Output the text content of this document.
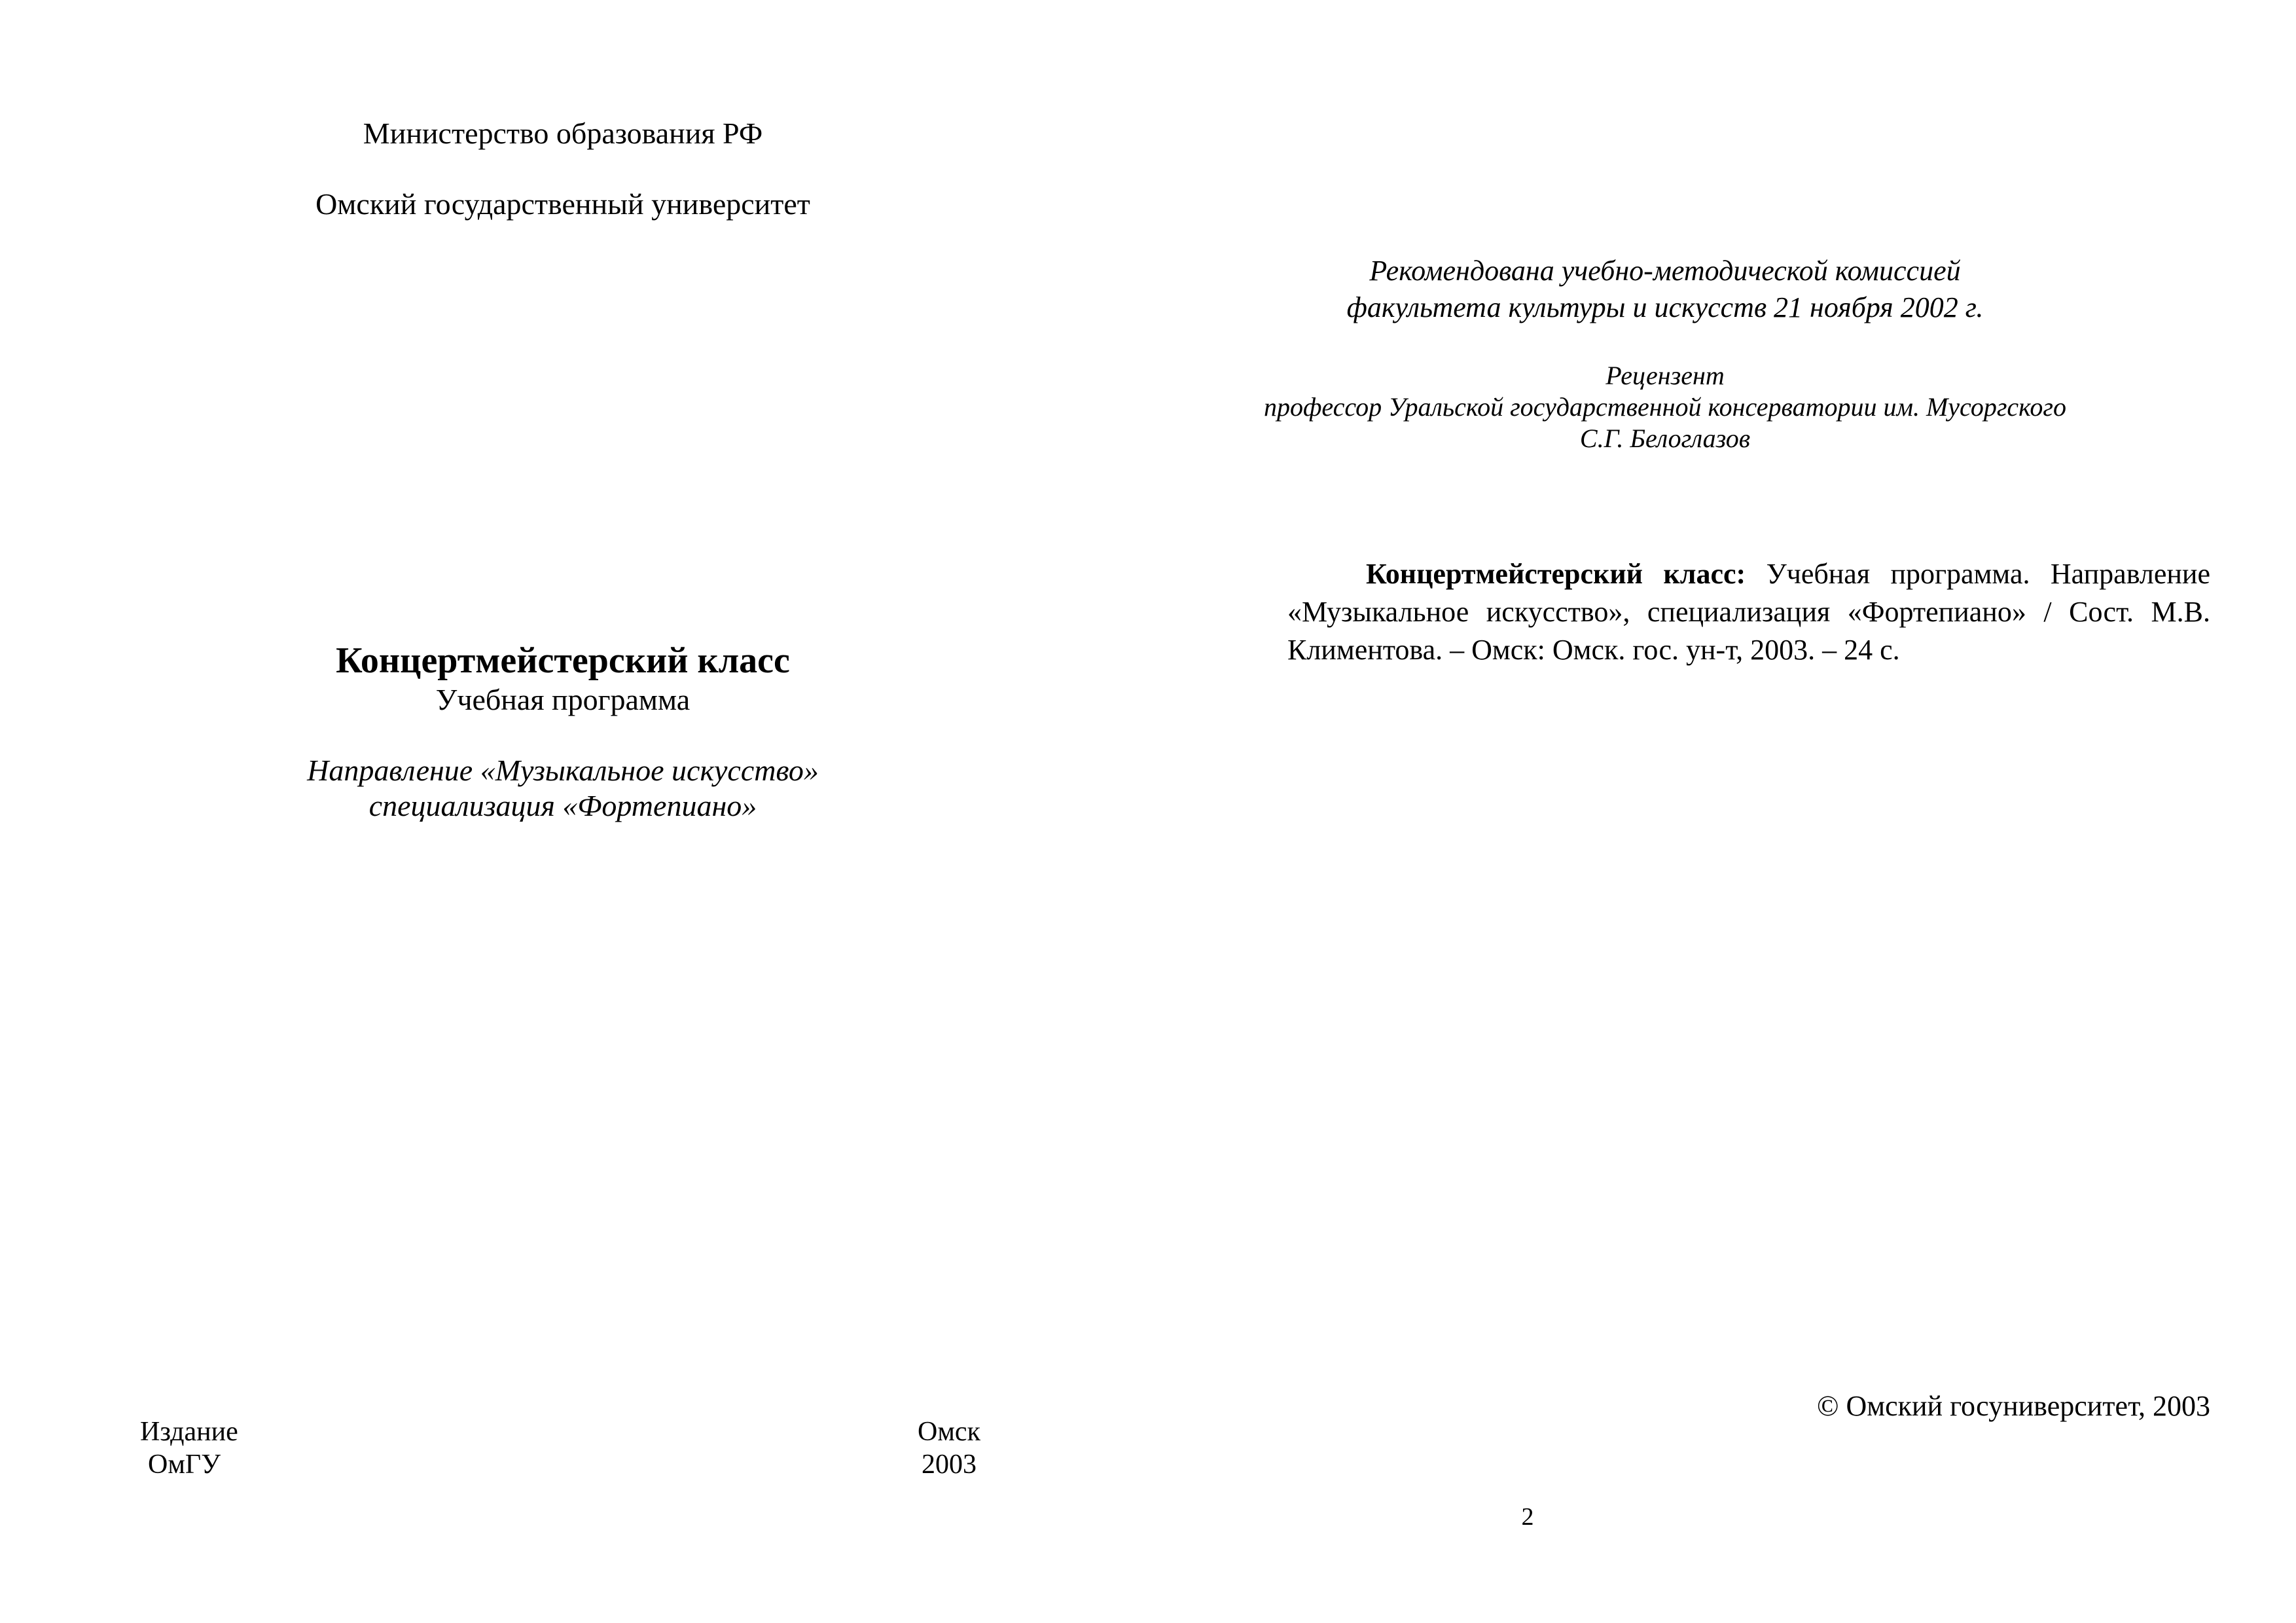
Министерство образования РФ
Омский государственный университет
Концертмейстерский класс
Учебная программа
Направление «Музыкальное искусство»
специализация «Фортепиано»
Издание
ОмГУ
Омск
2003
Рекомендована учебно-методической комиссией
факультета культуры и искусств 21 ноября 2002 г.
Рецензент
профессор Уральской государственной консерватории им. Мусоргского
С.Г. Белоглазов

Концертмейстерский класс: Учебная программа. Направление «Музыкальное искусство», специализация «Фортепиано» / Сост. М.В. Климентова. – Омск: Омск. гос. ун-т, 2003. – 24 с.

© Омский госуниверситет, 2003
2
